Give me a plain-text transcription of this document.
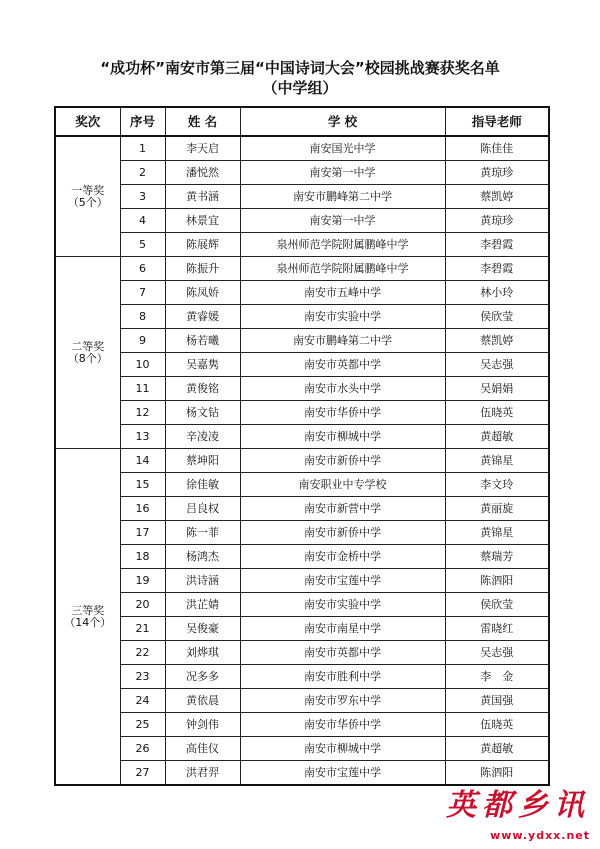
“成功杯”南安市第三届“中国诗词大会”校园挑战赛获奖名单
（中学组）
奖次	序号	姓 名	学 校	指导老师

一等奖
（5个）	1	李天启	南安国光中学	陈佳佳
	2	潘悦然	南安第一中学	黄琼珍
	3	黄书涵	南安市鹏峰第二中学	蔡凯婷
	4	林景宜	南安第一中学	黄琼珍
	5	陈展辉	泉州师范学院附属鹏峰中学	李碧霞

二等奖
（8个）	6	陈振升	泉州师范学院附属鹏峰中学	李碧霞
	7	陈凤娇	南安市五峰中学	林小玲
	8	黄睿媛	南安市实验中学	侯欣莹
	9	杨若曦	南安市鹏峰第二中学	蔡凯婷
	10	吴嘉隽	南安市英都中学	吴志强
	11	黄俊铭	南安市水头中学	吴娟娟
	12	杨文钻	南安市华侨中学	伍晓英
	13	辛凌凌	南安市柳城中学	黄超敏

三等奖
（14个）	14	蔡坤阳	南安市新侨中学	黄锦星
	15	徐佳敏	南安职业中专学校	李文玲
	16	吕良权	南安市新营中学	黄丽旋
	17	陈一菲	南安市新侨中学	黄锦星
	18	杨鸿杰	南安市金桥中学	蔡瑞芳
	19	洪诗涵	南安市宝莲中学	陈泗阳
	20	洪芷婧	南安市实验中学	侯欣莹
	21	吴俊豪	南安市南星中学	雷晓红
	22	刘烨琪	南安市英都中学	吴志强
	23	况多多	南安市胜利中学	李　金
	24	黄依晨	南安市罗东中学	黄国强
	25	钟剑伟	南安市华侨中学	伍晓英
	26	高佳仪	南安市柳城中学	黄超敏
	27	洪君羿	南安市宝莲中学	陈泗阳
英都乡讯
www.ydxx.net
